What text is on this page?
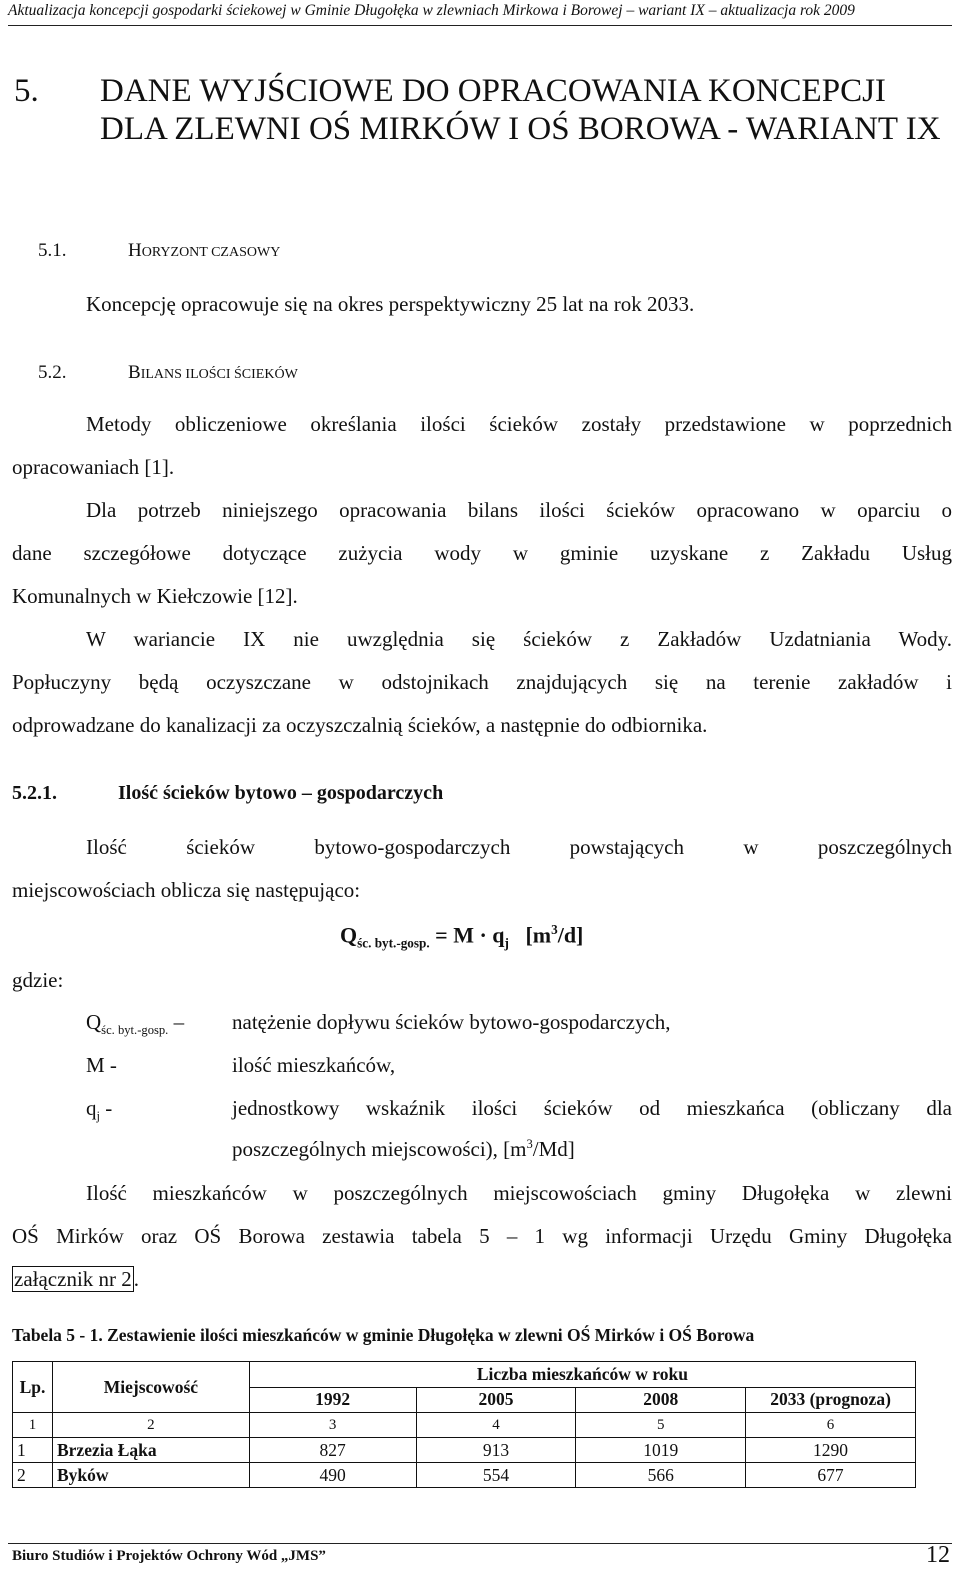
Aktualizacja koncepcji gospodarki ściekowej w Gminie Długołęka w zlewniach Mirkowa i Borowej – wariant IX – aktualizacja rok 2009
5. DANE WYJŚCIOWE DO OPRACOWANIA KONCEPCJI DLA ZLEWNI OŚ MIRKÓW I OŚ BOROWA - WARIANT IX
5.1.	HORYZONT CZASOWY
Koncepcję opracowuje się na okres perspektywiczny 25 lat na rok 2033.
5.2.	BILANS ILOŚCI ŚCIEKÓW
Metody obliczeniowe określania ilości ścieków zostały przedstawione w poprzednich
opracowaniach [1].
Dla potrzeb niniejszego opracowania bilans ilości ścieków opracowano w oparciu o
dane szczegółowe dotyczące zużycia wody w gminie uzyskane z Zakładu Usług
Komunalnych w Kiełczowie [12].
W wariancie IX nie uwzględnia się ścieków z Zakładów Uzdatniania Wody.
Popłuczyny będą oczyszczane w odstojnikach znajdujących się na terenie zakładów i
odprowadzane do kanalizacji za oczyszczalnią ścieków, a następnie do odbiornika.
5.2.1.	Ilość ścieków bytowo – gospodarczych
Ilość ścieków bytowo-gospodarczych powstających w poszczególnych
miejscowościach oblicza się następująco:
$Q_{śc. byt.-gosp.} = M \cdot q_j$ $[m^3/d]$
gdzie:
$Q_{śc. byt.-gosp.}$ – natężenie dopływu ścieków bytowo-gospodarczych,
M -	ilość mieszkańców,
$q_j$ -	jednostkowy wskaźnik ilości ścieków od mieszkańca (obliczany dla
poszczególnych miejscowości), $[m^3/Md]$
Ilość mieszkańców w poszczególnych miejscowościach gminy Długołęka w zlewni
OŚ Mirków oraz OŚ Borowa zestawia tabela 5 – 1 wg informacji Urzędu Gminy Długołęka
załącznik nr 2.
Tabela 5 - 1. Zestawienie ilości mieszkańców w gminie Długołęka w zlewni OŚ Mirków i OŚ Borowa
Lp.	Miejscowość	Liczba mieszkańców w roku			
		1992	2005	2008	2033 (prognoza)
1	2	3	4	5	6
1	Brzezia Łąka	827	913	1019	1290
2	Byków	490	554	566	677
Biuro Studiów i Projektów Ochrony Wód „JMS”	12
